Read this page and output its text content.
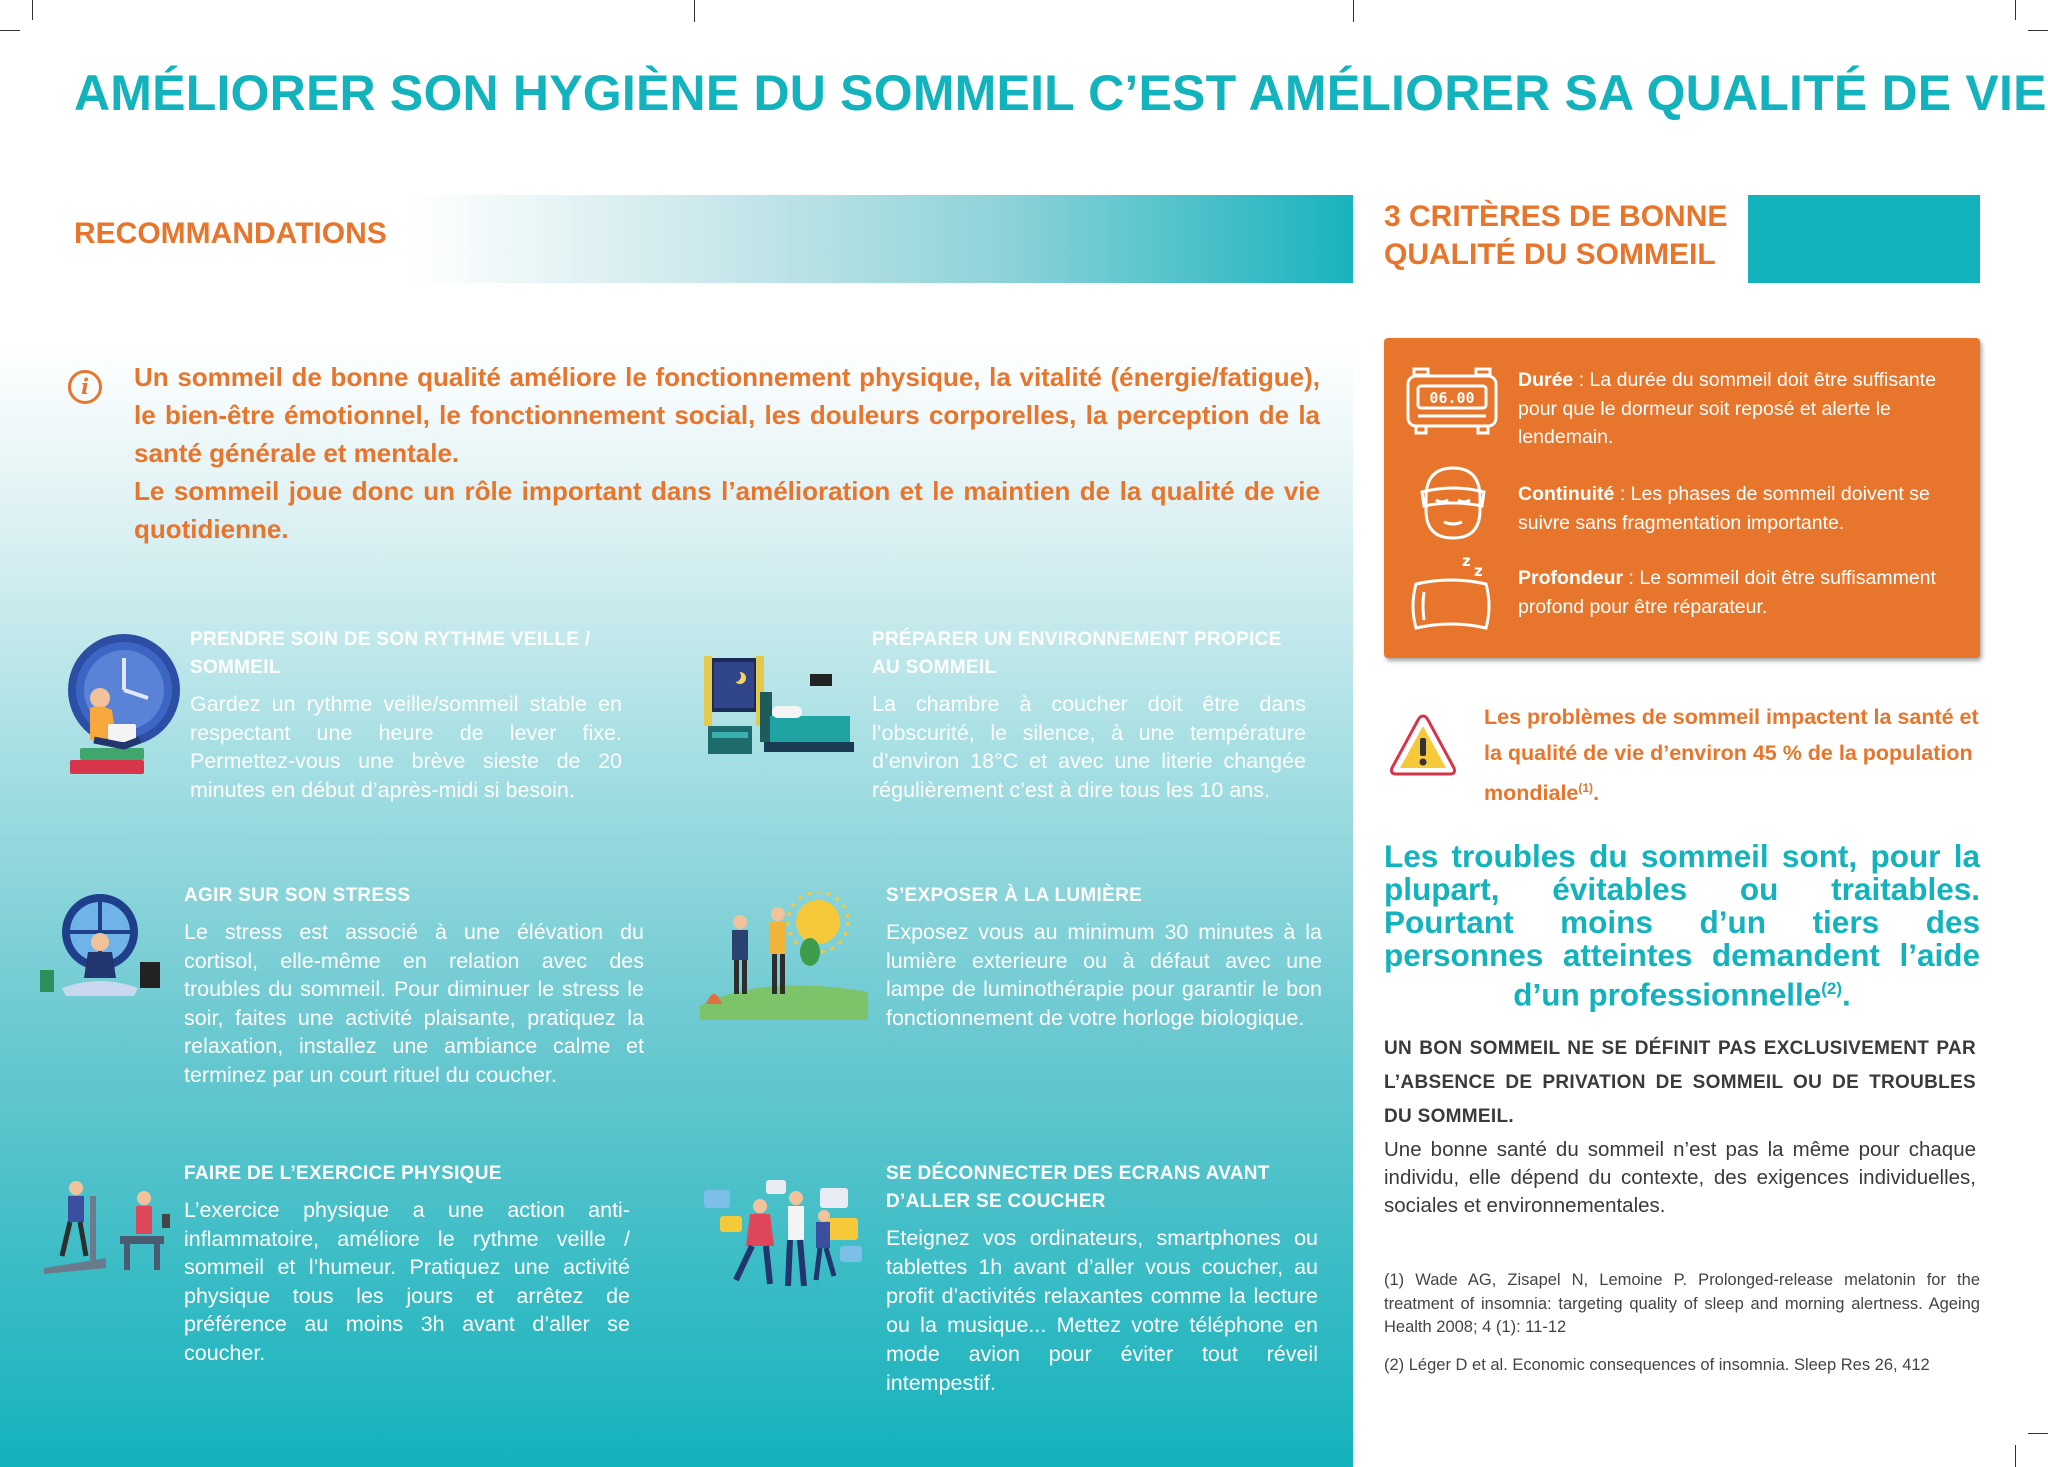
AMÉLIORER SON HYGIÈNE DU SOMMEIL C’EST AMÉLIORER SA QUALITÉ DE VIE
RECOMMANDATIONS
i	Un sommeil de bonne qualité améliore le fonctionnement physique, la vitalité (énergie/fatigue), le bien-être émotionnel, le fonctionnement social, les douleurs corporelles, la perception de la santé générale et mentale.

Le sommeil joue donc un rôle important dans l’amélioration et le maintien de la qualité de vie quotidienne.

PRENDRE SOIN DE SON RYTHME VEILLE / SOMMEIL
Gardez un rythme veille/sommeil stable en respectant une heure de lever fixe. Permettez-vous une brève sieste de 20 minutes en début d’après-midi si besoin.
PRÉPARER UN ENVIRONNEMENT PROPICE AU SOMMEIL
La chambre à coucher doit être dans l’obscurité, le silence, à une température d’environ 18°C et avec une literie changée régulièrement c’est à dire tous les 10 ans.
AGIR SUR SON STRESS
Le stress est associé à une élévation du cortisol, elle-même en relation avec des troubles du sommeil. Pour diminuer le stress le soir, faites une activité plaisante, pratiquez la relaxation, installez une ambiance calme et terminez par un court rituel du coucher.
S’EXPOSER À LA LUMIÈRE
Exposez vous au minimum 30 minutes à la lumière exterieure ou à défaut avec une lampe de luminothérapie pour garantir le bon fonctionnement de votre horloge biologique.
FAIRE DE L’EXERCICE PHYSIQUE
L’exercice physique a une action anti-inflammatoire, améliore le rythme veille / sommeil et l’humeur. Pratiquez une activité physique tous les jours et arrêtez de préférence au moins 3h avant d’aller se coucher.
SE DÉCONNECTER DES ECRANS AVANT D’ALLER SE COUCHER
Eteignez vos ordinateurs, smartphones ou tablettes 1h avant d’aller vous coucher, au profit d’activités relaxantes comme la lecture ou la musique... Mettez votre téléphone en mode avion pour éviter tout réveil intempestif.
3 CRITÈRES DE BONNE QUALITÉ DU SOMMEIL
06.00
Durée : La durée du sommeil doit être suffisante pour que le dormeur soit reposé et alerte le lendemain.
Continuité : Les phases de sommeil doivent se suivre sans fragmentation importante.
z
z Profondeur : Le sommeil doit être suffisamment profond pour être réparateur.

Les problèmes de sommeil impactent la santé et la qualité de vie d’environ 45 % de la population mondiale$^{(1)}$.

Les troubles du sommeil sont, pour la plupart, évitables ou traitables. Pourtant moins d’un tiers des personnes atteintes demandent l’aide d’un professionnelle$^{(2)}$.

UN BON SOMMEIL NE SE DÉFINIT PAS EXCLUSIVEMENT PAR L’ABSENCE DE PRIVATION DE SOMMEIL OU DE TROUBLES DU SOMMEIL.

Une bonne santé du sommeil n’est pas la même pour chaque individu, elle dépend du contexte, des exigences individuelles, sociales et environnementales.

(1) Wade AG, Zisapel N, Lemoine P. Prolonged-release melatonin for the treatment of insomnia: targeting quality of sleep and morning alertness. Ageing Health 2008; 4 (1): 11-12

(2) Léger D et al. Economic consequences of insomnia. Sleep Res 26, 412
